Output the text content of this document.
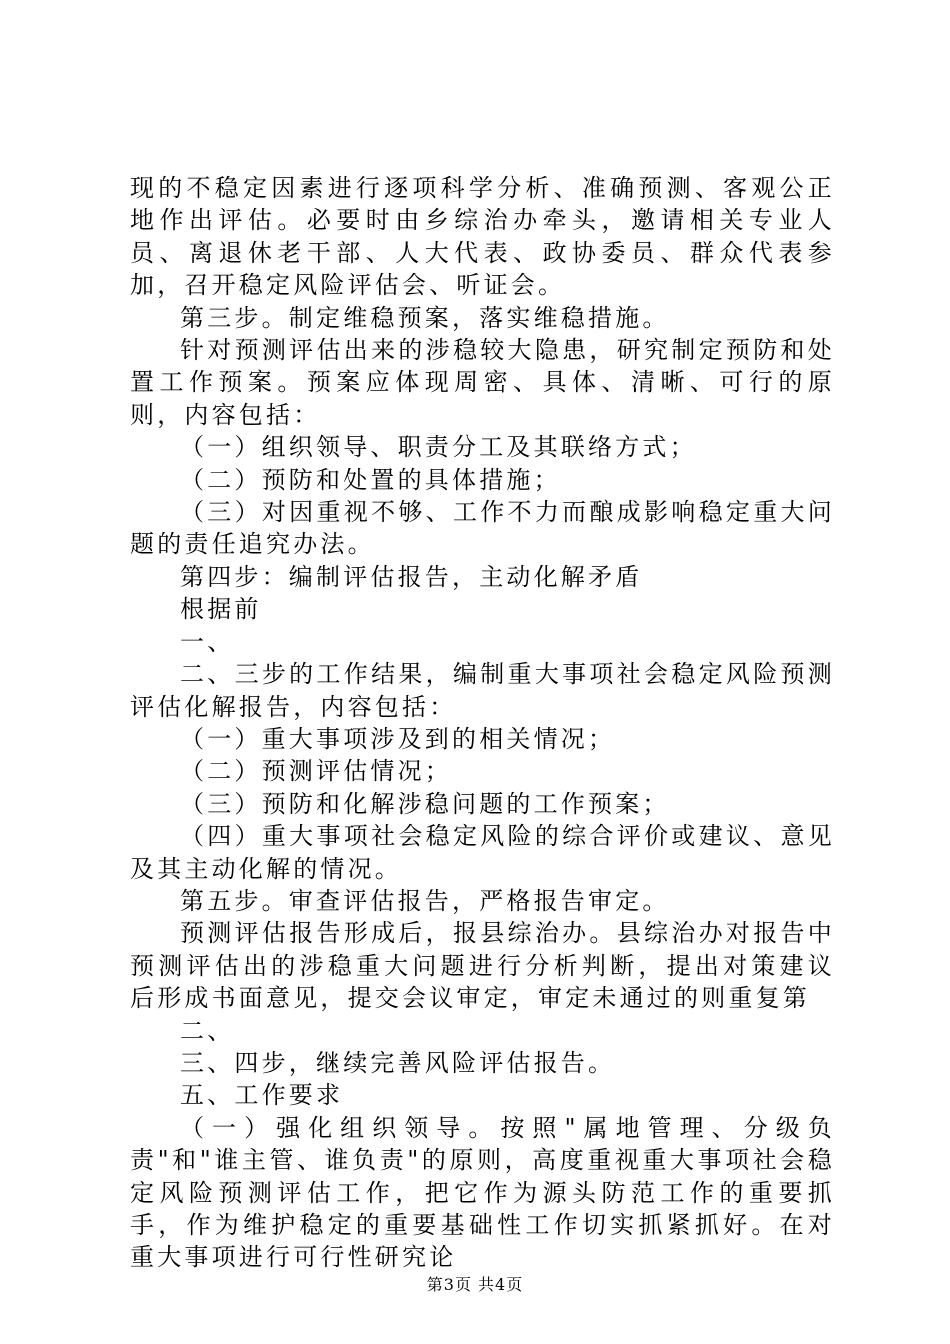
现的不稳定因素进行逐项科学分析、准确预测、客观公正地作出评估。必要时由乡综治办牵头，邀请相关专业人员、离退休老干部、人大代表、政协委员、群众代表参加，召开稳定风险评估会、听证会。

第三步。制定维稳预案，落实维稳措施。

针对预测评估出来的涉稳较大隐患，研究制定预防和处置工作预案。预案应体现周密、具体、清晰、可行的原则，内容包括：

（一）组织领导、职责分工及其联络方式；

（二）预防和处置的具体措施；

（三）对因重视不够、工作不力而酿成影响稳定重大问题的责任追究办法。

第四步：编制评估报告，主动化解矛盾

根据前

一、

二、三步的工作结果，编制重大事项社会稳定风险预测评估化解报告，内容包括：

（一）重大事项涉及到的相关情况；

（二）预测评估情况；

（三）预防和化解涉稳问题的工作预案；

（四）重大事项社会稳定风险的综合评价或建议、意见及其主动化解的情况。

第五步。审查评估报告，严格报告审定。

预测评估报告形成后，报县综治办。县综治办对报告中预测评估出的涉稳重大问题进行分析判断，提出对策建议后形成书面意见，提交会议审定，审定未通过的则重复第

二、

三、四步，继续完善风险评估报告。

五、工作要求

（一）强化组织领导。按照"属地管理、分级负责"和"谁主管、谁负责"的原则，高度重视重大事项社会稳定风险预测评估工作，把它作为源头防范工作的重要抓手，作为维护稳定的重要基础性工作切实抓紧抓好。在对重大事项进行可行性研究论

第3页 共4页
